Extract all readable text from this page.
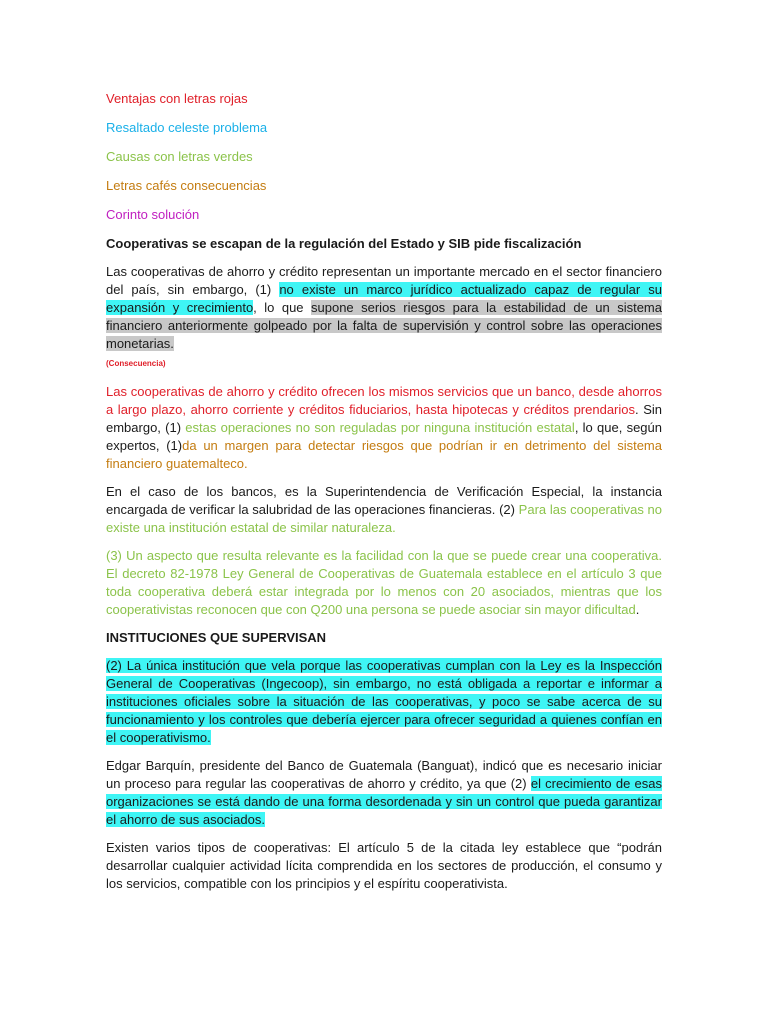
Ventajas con letras rojas
Resaltado celeste problema
Causas con letras verdes
Letras cafés consecuencias
Corinto solución
Cooperativas se escapan de la regulación del Estado y SIB pide fiscalización

Las cooperativas de ahorro y crédito representan un importante mercado en el sector financiero del país, sin embargo, (1) no existe un marco jurídico actualizado capaz de regular su expansión y crecimiento, lo que supone serios riesgos para la estabilidad de un sistema financiero anteriormente golpeado por la falta de supervisión y control sobre las operaciones monetarias.
(Consecuencia)

Las cooperativas de ahorro y crédito ofrecen los mismos servicios que un banco, desde ahorros a largo plazo, ahorro corriente y créditos fiduciarios, hasta hipotecas y créditos prendarios. Sin embargo, (1) estas operaciones no son reguladas por ninguna institución estatal, lo que, según expertos, (1)da un margen para detectar riesgos que podrían ir en detrimento del sistema financiero guatemalteco.

En el caso de los bancos, es la Superintendencia de Verificación Especial, la instancia encargada de verificar la salubridad de las operaciones financieras. (2) Para las cooperativas no existe una institución estatal de similar naturaleza.

(3) Un aspecto que resulta relevante es la facilidad con la que se puede crear una cooperativa. El decreto 82-1978 Ley General de Cooperativas de Guatemala establece en el artículo 3 que toda cooperativa deberá estar integrada por lo menos con 20 asociados, mientras que los cooperativistas reconocen que con Q200 una persona se puede asociar sin mayor dificultad.

INSTITUCIONES QUE SUPERVISAN

(2) La única institución que vela porque las cooperativas cumplan con la Ley es la Inspección General de Cooperativas (Ingecoop), sin embargo, no está obligada a reportar e informar a instituciones oficiales sobre la situación de las cooperativas, y poco se sabe acerca de su funcionamiento y los controles que debería ejercer para ofrecer seguridad a quienes confían en el cooperativismo.

Edgar Barquín, presidente del Banco de Guatemala (Banguat), indicó que es necesario iniciar un proceso para regular las cooperativas de ahorro y crédito, ya que (2) el crecimiento de esas organizaciones se está dando de una forma desordenada y sin un control que pueda garantizar el ahorro de sus asociados.

Existen varios tipos de cooperativas: El artículo 5 de la citada ley establece que “podrán desarrollar cualquier actividad lícita comprendida en los sectores de producción, el consumo y los servicios, compatible con los principios y el espíritu cooperativista.
